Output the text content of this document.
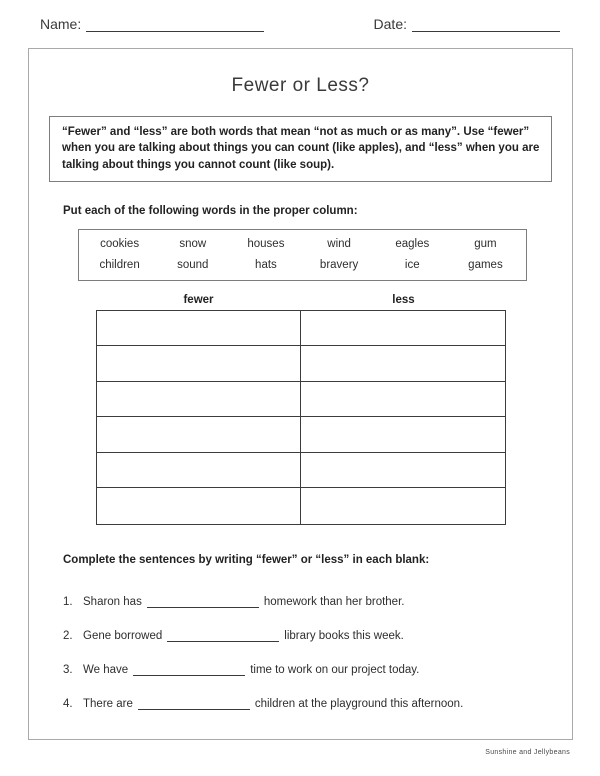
Name:	Date:
Fewer or Less?
“Fewer” and “less” are both words that mean “not as much or as many”. Use “fewer” when you are talking about things you can count (like apples), and “less” when you are talking about things you cannot count (like soup).
Put each of the following words in the proper column:
cookies	snow	houses	wind	eagles	gum
children	sound	hats	bravery	ice	games
fewer	less
Complete the sentences by writing “fewer” or “less” in each blank:
1. Sharon has	homework than her brother.
2. Gene borrowed	library books this week.
3. We have	time to work on our project today.
4. There are	children at the playground this afternoon.
Sunshine and Jellybeans
